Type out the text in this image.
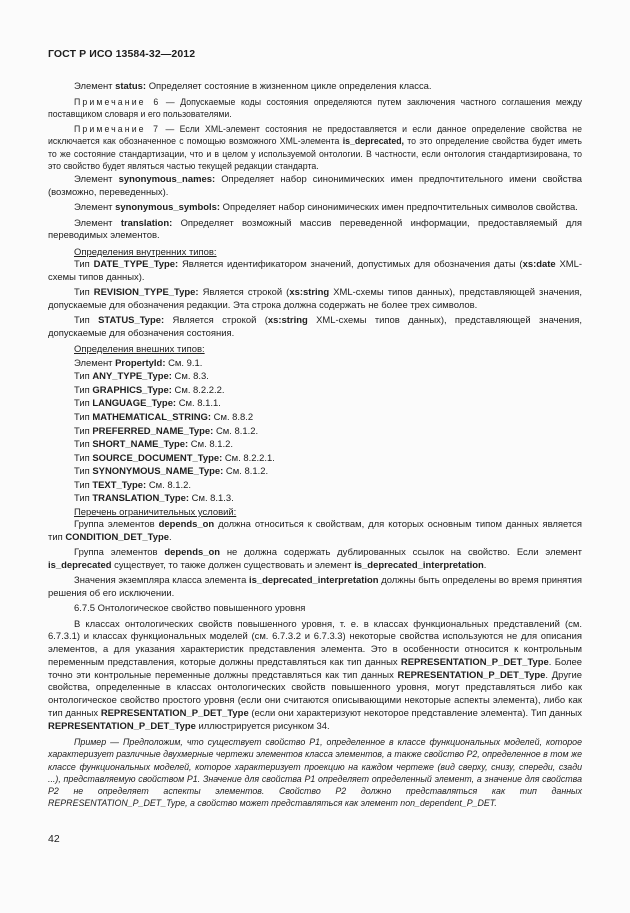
ГОСТ Р ИСО 13584-32—2012

Элемент status: Определяет состояние в жизненном цикле определения класса.

Примечание 6 — Допускаемые коды состояния определяются путем заключения частного соглашения между поставщиком словаря и его пользователями.

Примечание 7 — Если XML-элемент состояния не предоставляется и если данное определение свойства не исключается как обозначенное с помощью возможного XML-элемента is_deprecated, то это определение свойства будет иметь то же состояние стандартизации, что и в целом у используемой онтологии. В частности, если онтология стандартизирована, то это свойство будет являться частью текущей редакции стандарта.

Элемент synonymous_names: Определяет набор синонимических имен предпочтительного имени свойства (возможно, переведенных).

Элемент synonymous_symbols: Определяет набор синонимических имен предпочтительных символов свойства.

Элемент translation: Определяет возможный массив переведенной информации, предоставляемый для переводимых элементов.

Определения внутренних типов:

Тип DATE_TYPE_Type: Является идентификатором значений, допустимых для обозначения даты (xs:date XML-схемы типов данных).

Тип REVISION_TYPE_Type: Является строкой (xs:string XML-схемы типов данных), представляющей значения, допускаемые для обозначения редакции. Эта строка должна содержать не более трех символов.

Тип STATUS_Type: Является строкой (xs:string XML-схемы типов данных), представляющей значения, допускаемые для обозначения состояния.

Определения внешних типов:

Элемент PropertyId: См. 9.1.

Тип ANY_TYPE_Type: См. 8.3.

Тип GRAPHICS_Type: См. 8.2.2.2.

Тип LANGUAGE_Type: См. 8.1.1.

Тип MATHEMATICAL_STRING: См. 8.8.2

Тип PREFERRED_NAME_Type: См. 8.1.2.

Тип SHORT_NAME_Type: См. 8.1.2.

Тип SOURCE_DOCUMENT_Type: См. 8.2.2.1.

Тип SYNONYMOUS_NAME_Type: См. 8.1.2.

Тип TEXT_Type: См. 8.1.2.

Тип TRANSLATION_Type: См. 8.1.3.

Перечень ограничительных условий:

Группа элементов depends_on должна относиться к свойствам, для которых основным типом данных является тип CONDITION_DET_Type.

Группа элементов depends_on не должна содержать дублированных ссылок на свойство. Если элемент is_deprecated существует, то также должен существовать и элемент is_deprecated_interpretation.

Значения экземпляра класса элемента is_deprecated_interpretation должны быть определены во время принятия решения об его исключении.

6.7.5 Онтологическое свойство повышенного уровня

В классах онтологических свойств повышенного уровня, т. е. в классах функциональных представлений (см. 6.7.3.1) и классах функциональных моделей (см. 6.7.3.2 и 6.7.3.3) некоторые свойства используются не для описания элементов, а для указания характеристик представления элемента. Это в особенности относится к контрольным переменным представления, которые должны представляться как тип данных REPRESENTATION_P_DET_Type. Более точно эти контрольные переменные должны представляться как тип данных REPRESENTATION_P_DET_Type. Другие свойства, определенные в классах онтологических свойств повышенного уровня, могут представляться либо как онтологическое свойство простого уровня (если они считаются описывающими некоторые аспекты элемента), либо как тип данных REPRESENTATION_P_DET_Type (если они характеризуют некоторое представление элемента). Тип данных REPRESENTATION_P_DET_Type иллюстрируется рисунком 34.

Пример — Предположим, что существует свойство Р1, определенное в классе функциональных моделей, которое характеризует различные двухмерные чертежи элементов класса элементов, а также свойство Р2, определенное в том же классе функциональных моделей, которое характеризует проекцию на каждом чертеже (вид сверху, снизу, спереди, сзади ...), представляемую свойством Р1. Значение для свойства Р1 определяет определенный элемент, а значение для свойства Р2 не определяет аспекты элементов. Свойство Р2 должно представляться как тип данных REPRESENTATION_P_DET_Type, а свойство может представляться как элемент non_dependent_P_DET.

42
